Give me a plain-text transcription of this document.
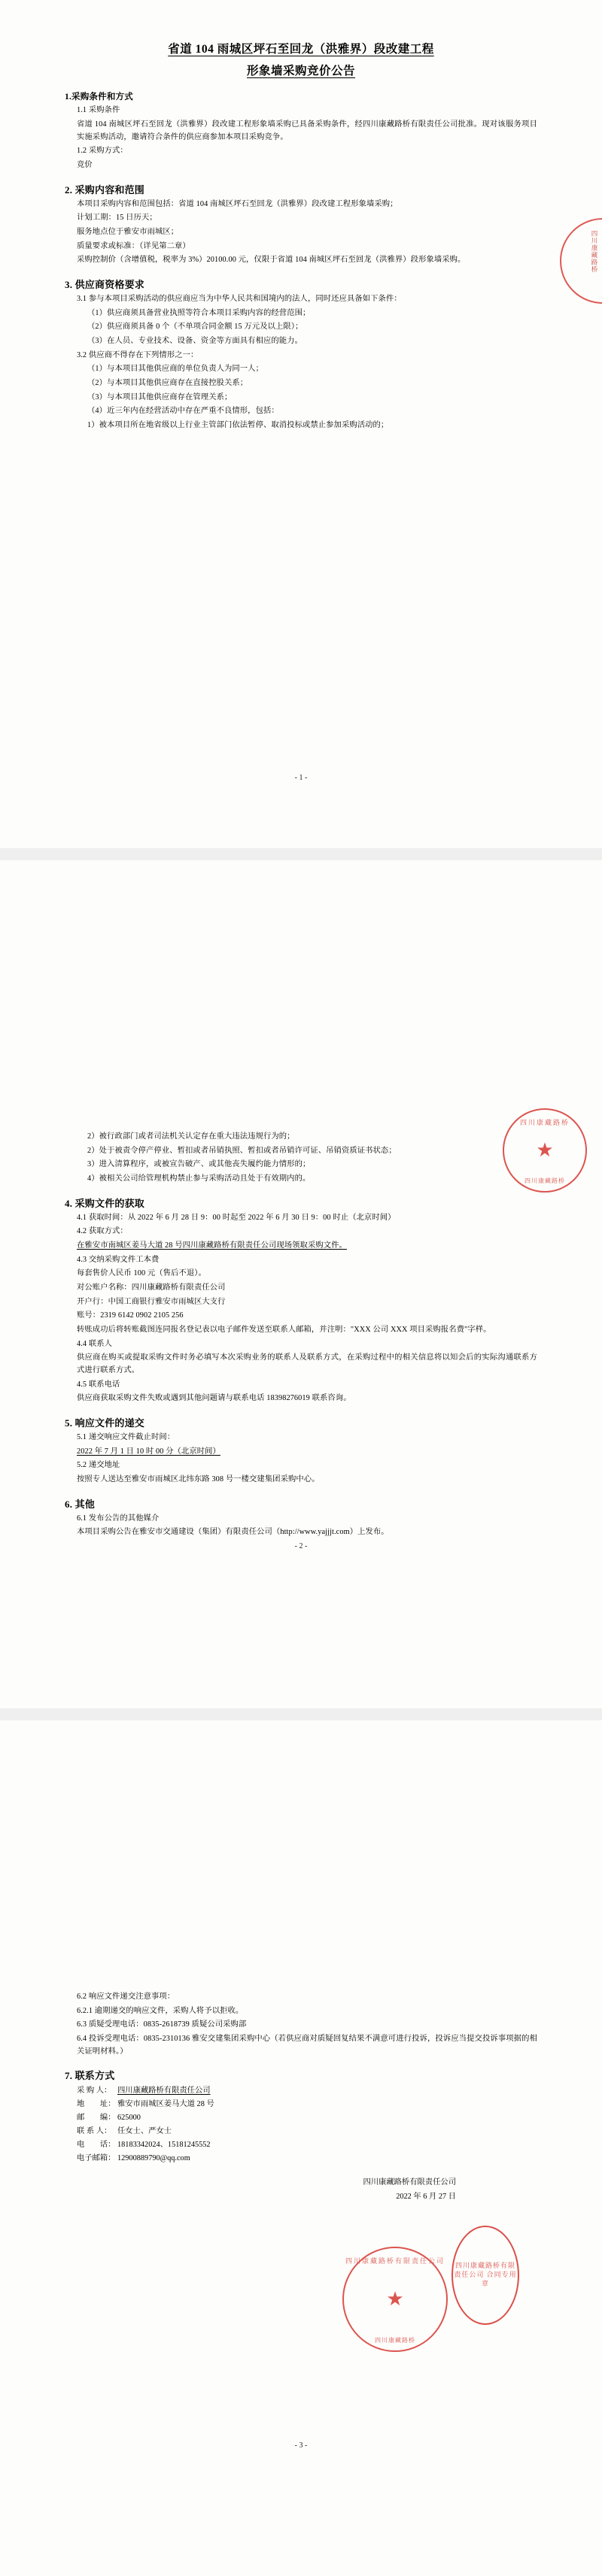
省道 104 雨城区坪石至回龙（洪雅界）段改建工程
形象墙采购竞价公告
1.采购条件和方式

1.1 采购条件

省道 104 南城区坪石至回龙（洪雅界）段改建工程形象墙采购已具备采购条件，经四川康藏路桥有限责任公司批准。现对该服务项目实施采购活动，邀请符合条件的供应商参加本项目采购竞争。

1.2 采购方式：

竞价

2. 采购内容和范围

本项目采购内容和范围包括：省道 104 南城区坪石至回龙（洪雅界）段改建工程形象墙采购；

计划工期：15 日历天；

服务地点位于雅安市雨城区；

质量要求或标准：（详见第二章）

采购控制价（含增值税，税率为 3%）20100.00 元，仅限于省道 104 南城区坪石至回龙（洪雅界）段形象墙采购。

3. 供应商资格要求

3.1 参与本项目采购活动的供应商应当为中华人民共和国境内的法人，同时还应具备如下条件：

（1）供应商须具备营业执照等符合本项目采购内容的经营范围；

（2）供应商须具备 0 个（不单项合同金额 15 万元及以上限）；

（3）在人员、专业技术、设备、资金等方面具有相应的能力。

3.2 供应商不得存在下列情形之一：

（1）与本项目其他供应商的单位负责人为同一人；

（2）与本项目其他供应商存在直接控股关系；

（3）与本项目其他供应商存在管理关系；

（4）近三年内在经营活动中存在严重不良情形，包括：

1）被本项目所在地省级以上行业主管部门依法暂停、取消投标或禁止参加采购活动的；

- 1 -
四川康藏路桥

2）被行政部门或者司法机关认定存在重大违法违规行为的；

2）处于被责令停产停业、暂扣或者吊销执照、暂扣或者吊销许可证、吊销资质证书状态；

3）进入清算程序，或被宣告破产、或其他丧失履约能力情形的；

4）被相关公司给管理机构禁止参与采购活动且处于有效期内的。

4. 采购文件的获取

4.1 获取时间：从 2022 年 6 月 28 日 9：00 时起至 2022 年 6 月 30 日 9：00 时止（北京时间）

4.2 获取方式：

在雅安市南城区姜马大道 28 号四川康藏路桥有限责任公司现场领取采购文件。

4.3 交纳采购文件工本费

每套售价人民币 100 元（售后不退）。

对公账户名称：四川康藏路桥有限责任公司

开户行：中国工商银行雅安市雨城区大支行

账号：2319 6142 0902 2105 256

转账成功后将转账截图连同报名登记表以电子邮件发送至联系人邮箱，并注明："XXX 公司 XXX 项目采购报名费"字样。

4.4 联系人

供应商在购买或提取采购文件时务必填写本次采购业务的联系人及联系方式，在采购过程中的相关信息将以知会后的实际沟通联系方式进行联系方式。

4.5 联系电话

供应商获取采购文件失败或遇到其他问题请与联系电话 18398276019 联系咨询。

5. 响应文件的递交

5.1 递交响应文件截止时间：

2022 年 7 月 1 日 10 时 00 分（北京时间）

5.2 递交地址

按照专人送达至雅安市雨城区北纬东路 308 号一楼交建集团采购中心。

6. 其他

6.1 发布公告的其他媒介

本项目采购公告在雅安市交通建设（集团）有限责任公司（http://www.yajjjt.com）上发布。

- 2 -
四川康藏路桥
★
四川康藏路桥

6.2 响应文件递交注意事项：

6.2.1 逾期递交的响应文件，采购人将予以拒收。

6.3 质疑受理电话：0835-2618739 质疑公司采购部

6.4 投诉受理电话：0835-2310136 雅安交建集团采购中心（若供应商对质疑回复结果不满意可进行投诉，投诉应当提交投诉事项据的相关证明材料。）

7. 联系方式
采 购 人： 四川康藏路桥有限责任公司
地　　址： 雅安市雨城区姜马大道 28 号
邮　　编： 625000
联 系 人： 任女士、严女士
电　　话： 18183342024、15181245552
电子邮箱： 12900889790@qq.com
四川康藏路桥有限责任公司
2022 年 6 月 27 日
- 3 -
四川康藏路桥有限责任公司
★
四川康藏路桥
四川康藏路桥有限责任公司 合同专用章
